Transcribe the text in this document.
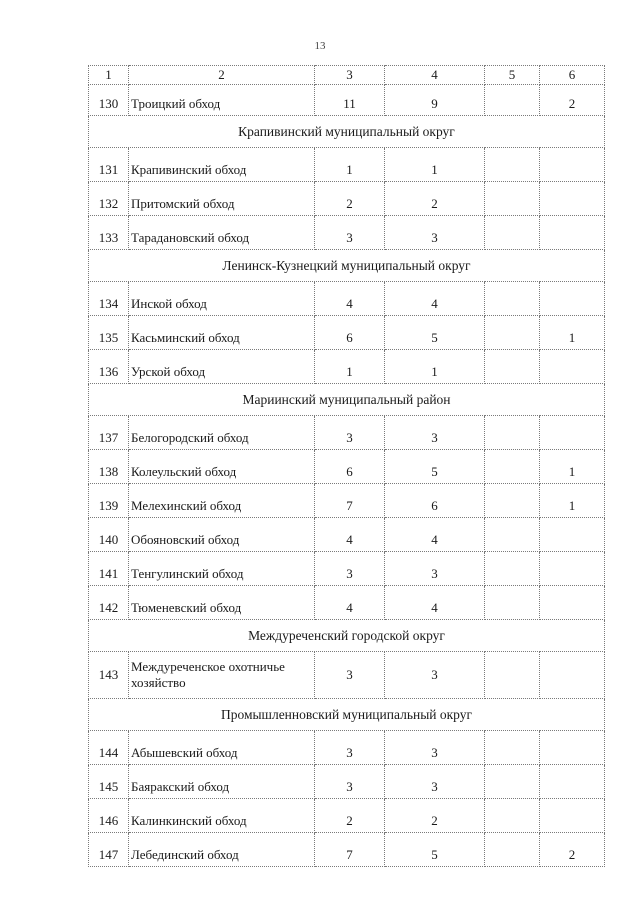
13
1	2	3	4	5	6
130	Троицкий обход	11	9		2
Крапивинский муниципальный округ					
131	Крапивинский обход	1	1		
132	Притомский обход	2	2		
133	Тарадановский обход	3	3		
Ленинск-Кузнецкий муниципальный округ					
134	Инской обход	4	4		
135	Касьминский обход	6	5		1
136	Урской обход	1	1		
Мариинский муниципальный район					
137	Белогородский обход	3	3		
138	Колеульский обход	6	5		1
139	Мелехинский обход	7	6		1
140	Обояновский обход	4	4		
141	Тенгулинский обход	3	3		
142	Тюменевский обход	4	4		
Междуреченский городской округ					
143	Междуреченское охотничье хозяйство	3	3		
Промышленновский муниципальный округ					
144	Абышевский обход	3	3		
145	Баяракский обход	3	3		
146	Калинкинский обход	2	2		
147	Лебединский обход	7	5		2
